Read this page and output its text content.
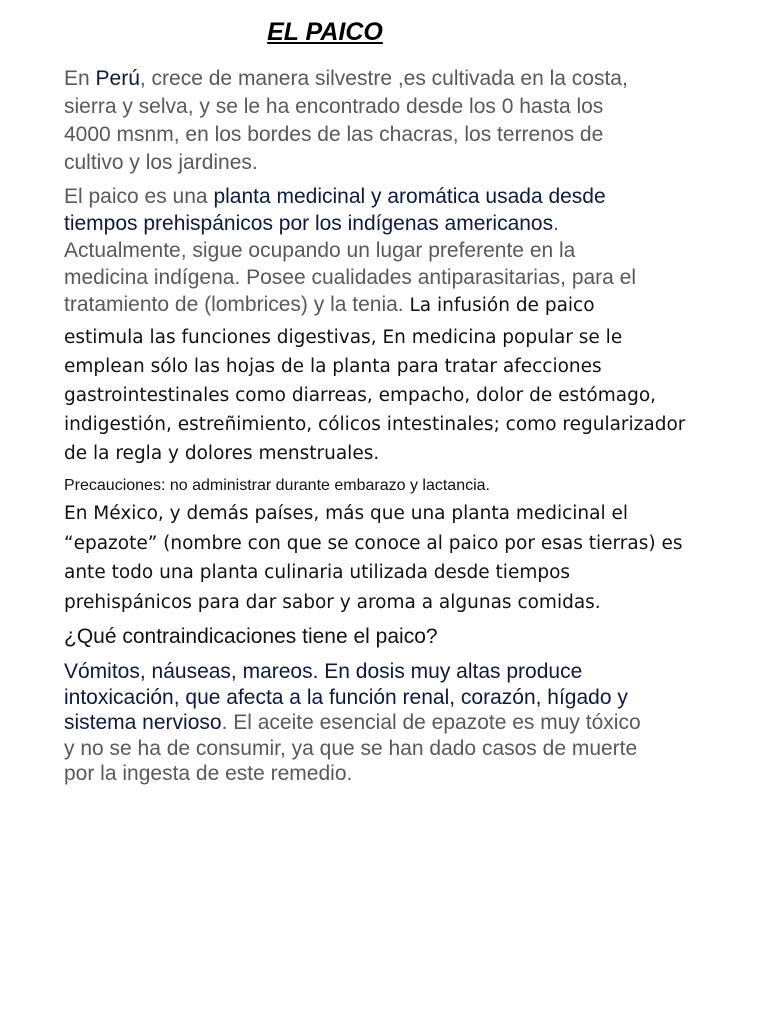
EL PAICO

En Perú, crece de manera silvestre ,es cultivada en la costa,
sierra y selva, y se le ha encontrado desde los 0 hasta los
4000 msnm, en los bordes de las chacras, los terrenos de
cultivo y los jardines.

El paico es una planta medicinal y aromática usada desde
tiempos prehispánicos por los indígenas americanos.
Actualmente, sigue ocupando un lugar preferente en la
medicina indígena. Posee cualidades antiparasitarias, para el
tratamiento de (lombrices) y la tenia. La infusión de paico

estimula las funciones digestivas, En medicina popular se le
emplean sólo las hojas de la planta para tratar afecciones
gastrointestinales como diarreas, empacho, dolor de estómago,
indigestión, estreñimiento, cólicos intestinales; como regularizador
de la regla y dolores menstruales.

Precauciones: no administrar durante embarazo y lactancia.

En México, y demás países, más que una planta medicinal el
“epazote” (nombre con que se conoce al paico por esas tierras) es
ante todo una planta culinaria utilizada desde tiempos
prehispánicos para dar sabor y aroma a algunas comidas.

¿Qué contraindicaciones tiene el paico?

Vómitos, náuseas, mareos. En dosis muy altas produce
intoxicación, que afecta a la función renal, corazón, hígado y
sistema nervioso. El aceite esencial de epazote es muy tóxico
y no se ha de consumir, ya que se han dado casos de muerte
por la ingesta de este remedio.
